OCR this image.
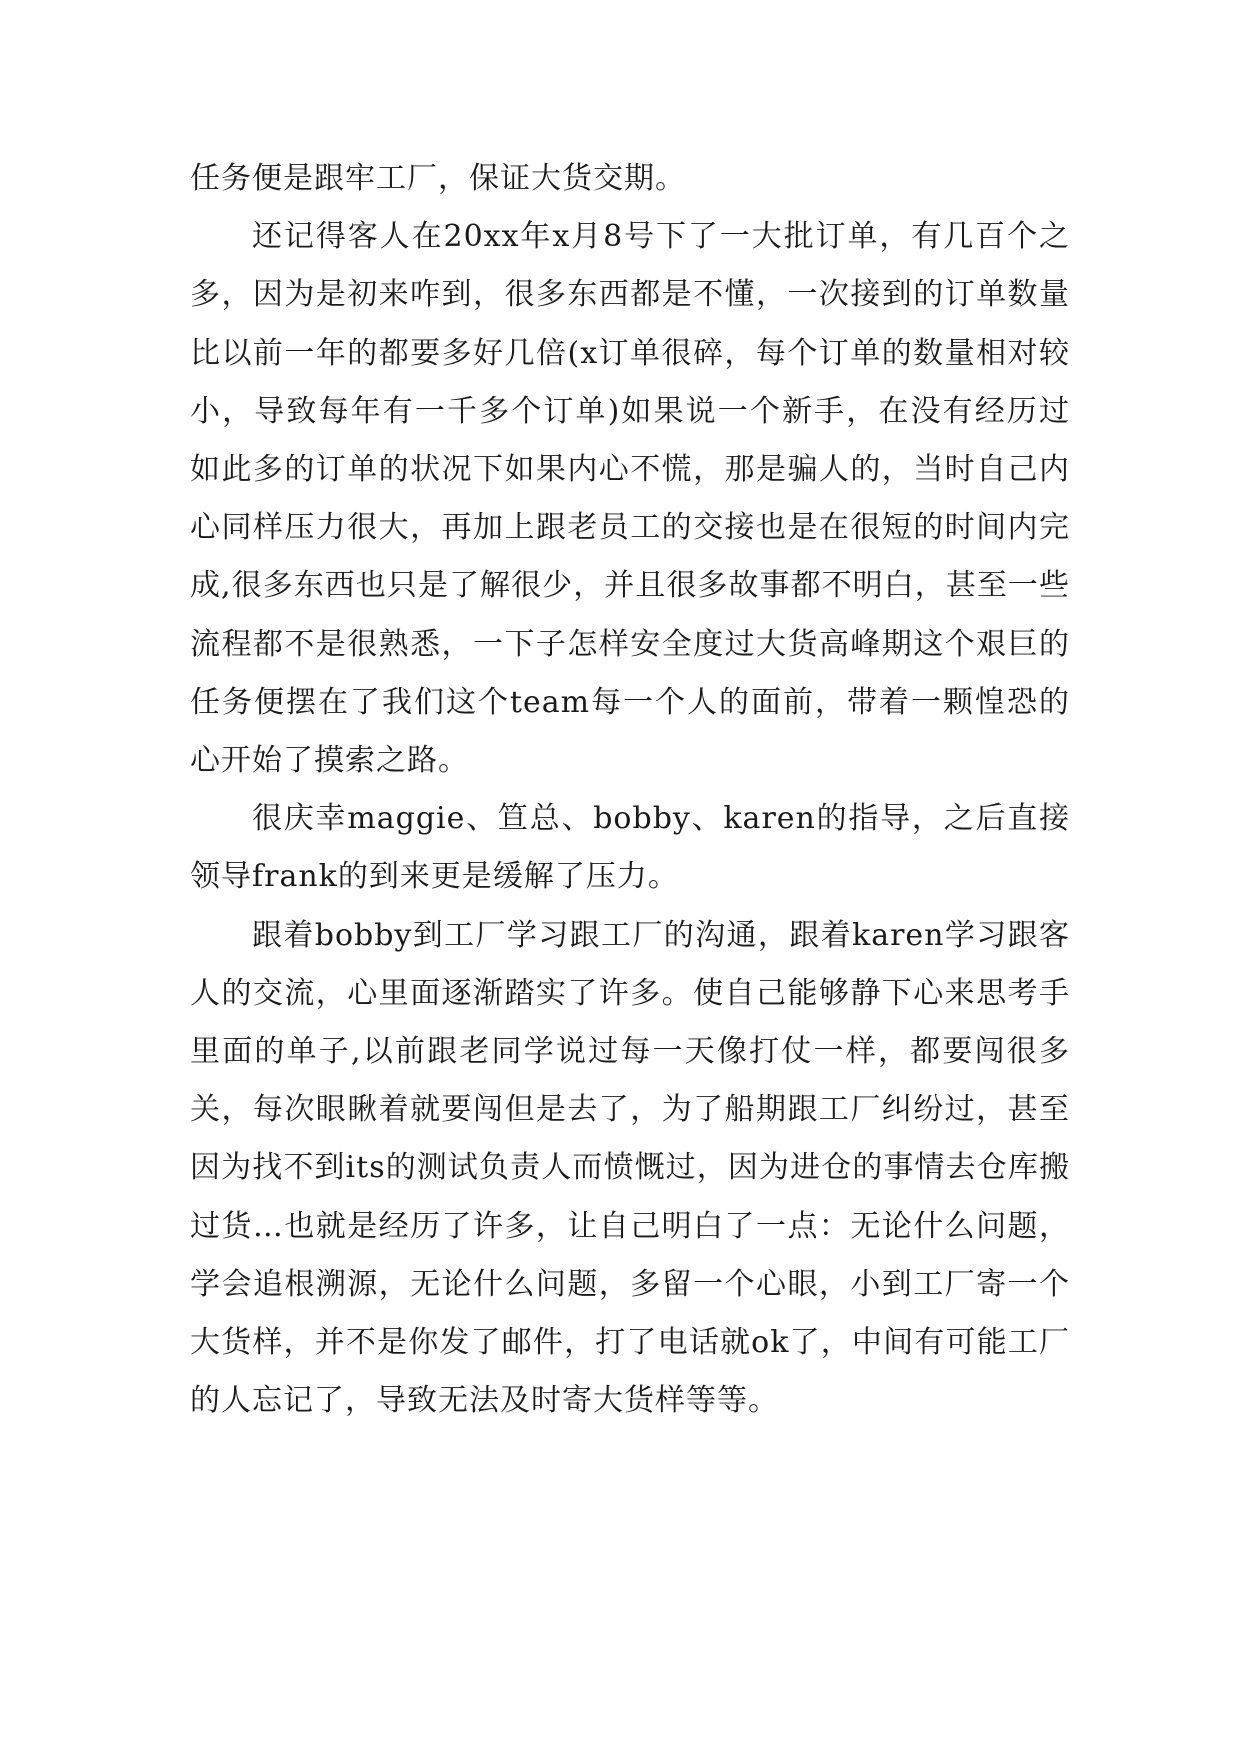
任务便是跟牢工厂，保证大货交期。

还记得客人在20xx年x月8号下了一大批订单，有几百个之多，因为是初来咋到，很多东西都是不懂，一次接到的订单数量比以前一年的都要多好几倍(x订单很碎，每个订单的数量相对较小，导致每年有一千多个订单)如果说一个新手，在没有经历过如此多的订单的状况下如果内心不慌，那是骗人的，当时自己内心同样压力很大，再加上跟老员工的交接也是在很短的时间内完成,很多东西也只是了解很少，并且很多故事都不明白，甚至一些流程都不是很熟悉，一下子怎样安全度过大货高峰期这个艰巨的任务便摆在了我们这个team每一个人的面前，带着一颗惶恐的心开始了摸索之路。

很庆幸maggie、笪总、bobby、karen的指导，之后直接领导frank的到来更是缓解了压力。

跟着bobby到工厂学习跟工厂的沟通，跟着karen学习跟客人的交流，心里面逐渐踏实了许多。使自己能够静下心来思考手里面的单子,以前跟老同学说过每一天像打仗一样，都要闯很多关，每次眼瞅着就要闯但是去了，为了船期跟工厂纠纷过，甚至因为找不到its的测试负责人而愤慨过，因为进仓的事情去仓库搬过货…也就是经历了许多，让自己明白了一点：无论什么问题，学会追根溯源，无论什么问题，多留一个心眼，小到工厂寄一个大货样，并不是你发了邮件，打了电话就ok了，中间有可能工厂的人忘记了，导致无法及时寄大货样等等。
